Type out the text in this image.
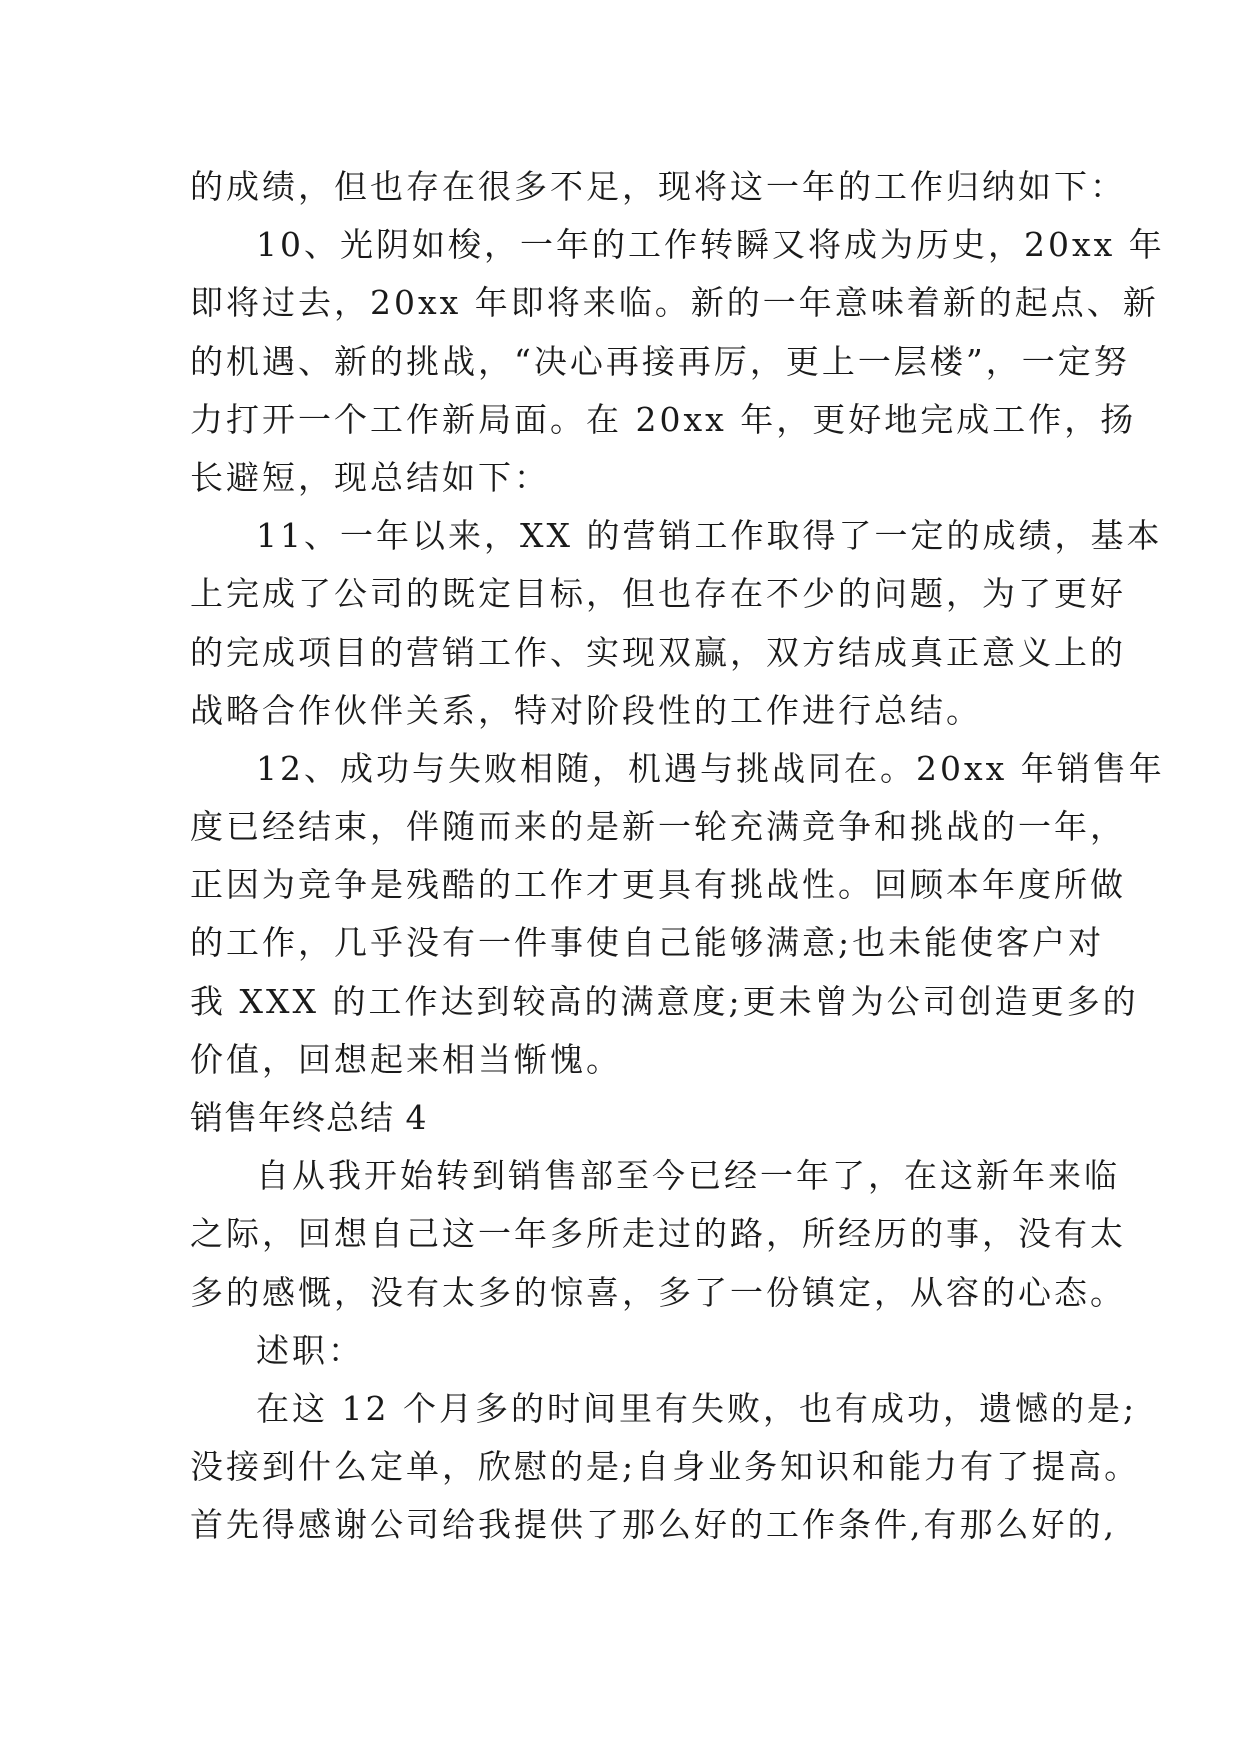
的成绩，但也存在很多不足，现将这一年的工作归纳如下：
10、光阴如梭，一年的工作转瞬又将成为历史，20xx 年
即将过去，20xx 年即将来临。新的一年意味着新的起点、新
的机遇、新的挑战，“决心再接再厉，更上一层楼”，一定努
力打开一个工作新局面。在 20xx 年，更好地完成工作，扬
长避短，现总结如下：
11、一年以来，XX 的营销工作取得了一定的成绩，基本
上完成了公司的既定目标，但也存在不少的问题，为了更好
的完成项目的营销工作、实现双赢，双方结成真正意义上的
战略合作伙伴关系，特对阶段性的工作进行总结。
12、成功与失败相随，机遇与挑战同在。20xx 年销售年
度已经结束，伴随而来的是新一轮充满竞争和挑战的一年，
正因为竞争是残酷的工作才更具有挑战性。回顾本年度所做
的工作，几乎没有一件事使自己能够满意;也未能使客户对
我 XXX 的工作达到较高的满意度;更未曾为公司创造更多的
价值，回想起来相当惭愧。
销售年终总结 4
自从我开始转到销售部至今已经一年了，在这新年来临
之际，回想自己这一年多所走过的路，所经历的事，没有太
多的感慨，没有太多的惊喜，多了一份镇定，从容的心态。
述职：
在这 12 个月多的时间里有失败，也有成功，遗憾的是;
没接到什么定单，欣慰的是;自身业务知识和能力有了提高。
首先得感谢公司给我提供了那么好的工作条件,有那么好的,
